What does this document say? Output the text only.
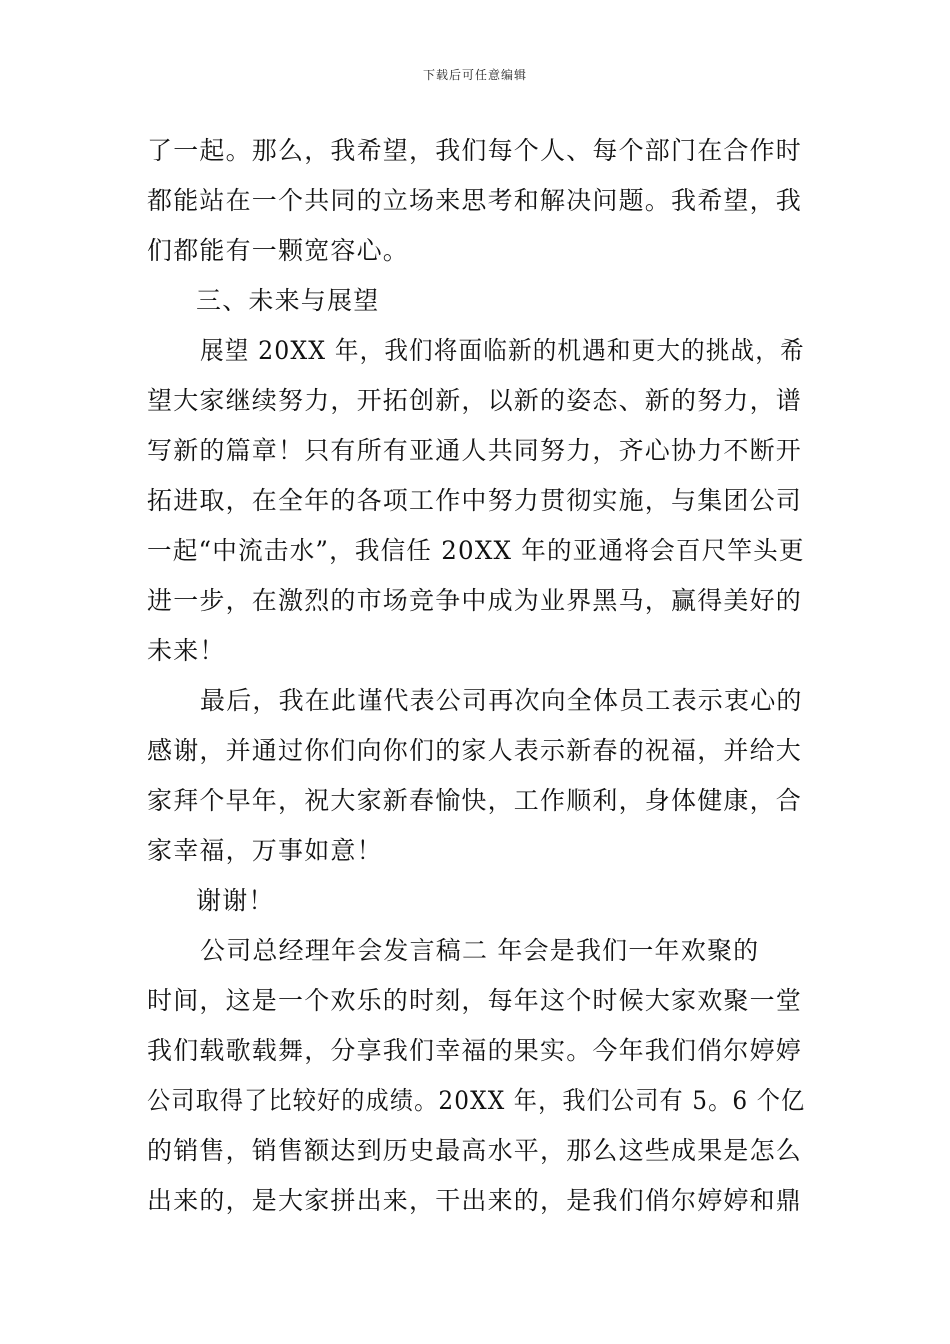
下载后可任意编辑
了一起。那么，我希望，我们每个人、每个部门在合作时
都能站在一个共同的立场来思考和解决问题。我希望，我
们都能有一颗宽容心。
三、未来与展望
展望 20XX 年，我们将面临新的机遇和更大的挑战，希
望大家继续努力，开拓创新，以新的姿态、新的努力，谱
写新的篇章！只有所有亚通人共同努力，齐心协力不断开
拓进取，在全年的各项工作中努力贯彻实施，与集团公司
一起“中流击水”，我信任 20XX 年的亚通将会百尺竿头更
进一步，在激烈的市场竞争中成为业界黑马，赢得美好的
未来！
最后，我在此谨代表公司再次向全体员工表示衷心的
感谢，并通过你们向你们的家人表示新春的祝福，并给大
家拜个早年，祝大家新春愉快，工作顺利，身体健康，合
家幸福，万事如意！
谢谢！
公司总经理年会发言稿二 年会是我们一年欢聚的
时间，这是一个欢乐的时刻，每年这个时候大家欢聚一堂
我们载歌载舞，分享我们幸福的果实。今年我们俏尔婷婷
公司取得了比较好的成绩。20XX 年，我们公司有 5。6 个亿
的销售，销售额达到历史最高水平，那么这些成果是怎么
出来的，是大家拼出来，干出来的，是我们俏尔婷婷和鼎
